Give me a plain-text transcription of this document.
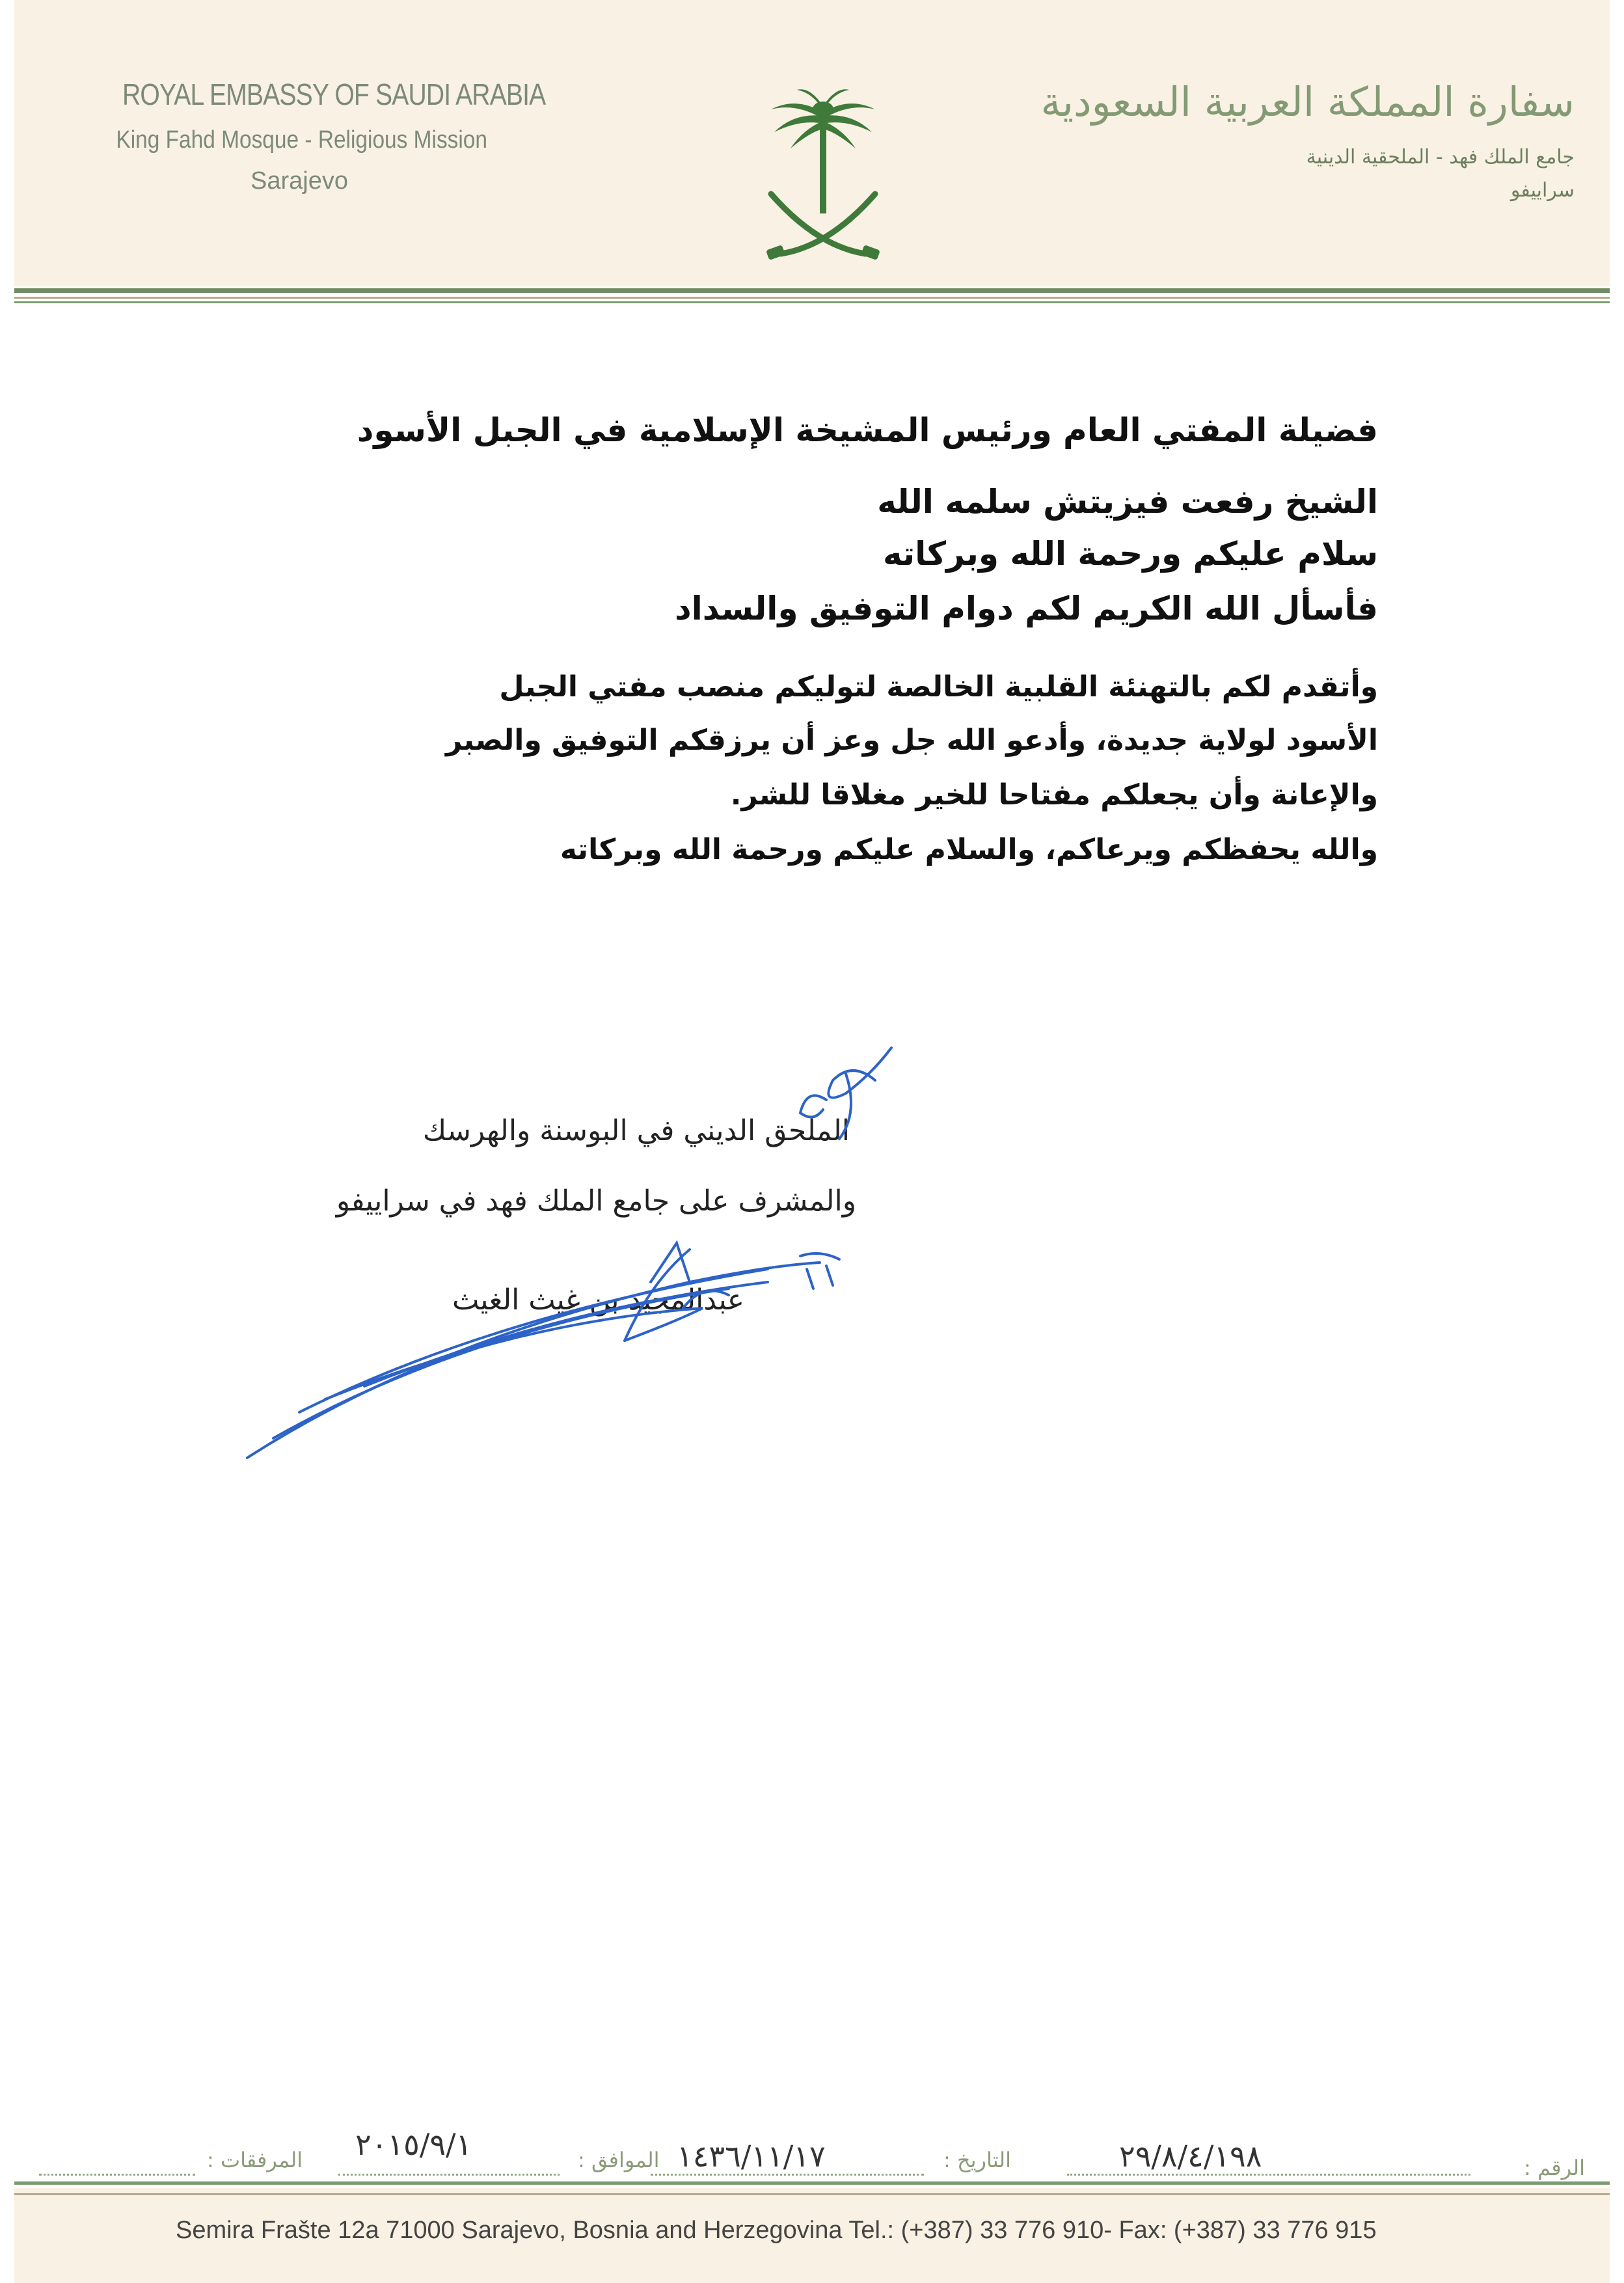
ROYAL EMBASSY OF SAUDI ARABIA
King Fahd Mosque - Religious Mission
Sarajevo
سفارة المملكة العربية السعودية
جامع الملك فهد - الملحقية الدينية
سراييفو
فضيلة المفتي العام ورئيس المشيخة الإسلامية في الجبل الأسود
الشيخ رفعت فيزيتش سلمه الله
سلام عليكم ورحمة الله وبركاته
فأسأل الله الكريم لكم دوام التوفيق والسداد
وأتقدم لكم بالتهنئة القلبية الخالصة لتوليكم منصب مفتي الجبل
الأسود لولاية جديدة، وأدعو الله جل وعز أن يرزقكم التوفيق والصبر
والإعانة وأن يجعلكم مفتاحا للخير مغلاقا للشر.
والله يحفظكم ويرعاكم، والسلام عليكم ورحمة الله وبركاته
الملحق الديني في البوسنة والهرسك
والمشرف على جامع الملك فهد في سراييفو
عبدالمجيد بن غيث الغيث
الرقم :
٢٩/٨/٤/١٩٨
التاريخ :
١٤٣٦/١١/١٧
الموافق :
٢٠١٥/٩/١
المرفقات :
Semira Frašte 12a 71000 Sarajevo, Bosnia and Herzegovina Tel.: (+387) 33 776 910- Fax: (+387) 33 776 915
